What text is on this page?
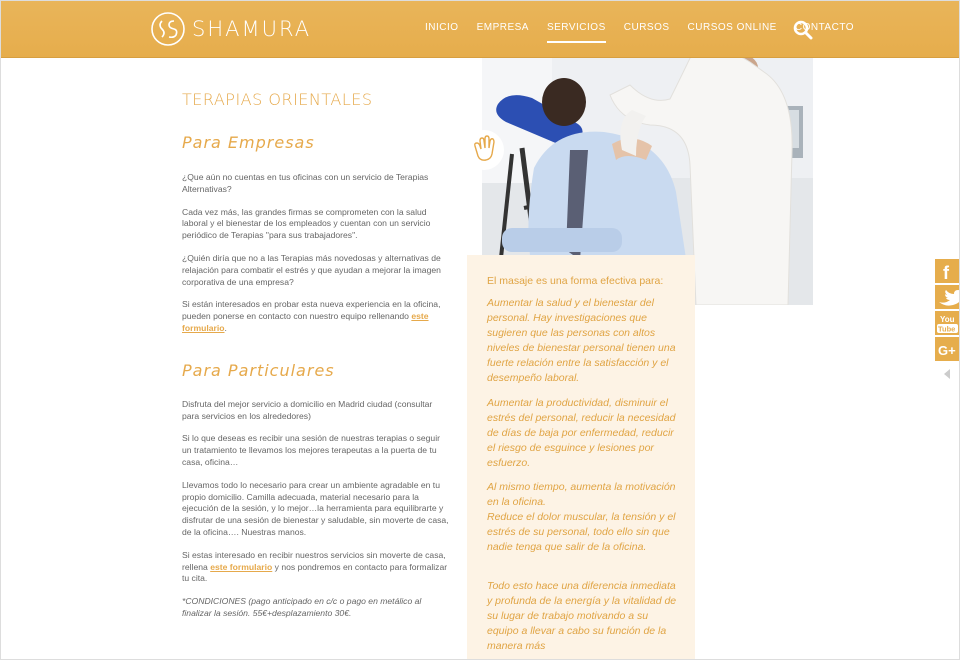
SHAMURA	INICIO EMPRESA SERVICIOS CURSOS CURSOS ONLINE CONTACTO
TERAPIAS ORIENTALES
Para Empresas

¿Que aún no cuentas en tus oficinas con un servicio de Terapias Alternativas?

Cada vez más, las grandes firmas se comprometen con la salud laboral y el bienestar de los empleados y cuentan con un servicio periódico de Terapias "para sus trabajadores".

¿Quién diría que no a las Terapias más novedosas y alternativas de relajación para combatir el estrés y que ayudan a mejorar la imagen corporativa de una empresa?

Si están interesados en probar esta nueva experiencia en la oficina, pueden ponerse en contacto con nuestro equipo rellenando este formulario.

Para Particulares

Disfruta del mejor servicio a domicilio en Madrid ciudad (consultar para servicios en los alrededores)

Si lo que deseas es recibir una sesión de nuestras terapias o seguir un tratamiento te llevamos los mejores terapeutas a la puerta de tu casa, oficina…

Llevamos todo lo necesario para crear un ambiente agradable en tu propio domicilio. Camilla adecuada, material necesario para la ejecución de la sesión, y lo mejor…la herramienta para equilibrarte y disfrutar de una sesión de bienestar y saludable, sin moverte de casa, de la oficina…. Nuestras manos.

Si estas interesado en recibir nuestros servicios sin moverte de casa, rellena este formulario y nos pondremos en contacto para formalizar tu cita.

*CONDICIONES (pago anticipado en c/c o pago en metálico al finalizar la sesión. 55€+desplazamiento 30€.

El masaje es una forma efectiva para:
Aumentar la salud y el bienestar del personal. Hay investigaciones que sugieren que las personas con altos niveles de bienestar personal tienen una fuerte relación entre la satisfacción y el desempeño laboral.
Aumentar la productividad, disminuir el estrés del personal, reducir la necesidad de días de baja por enfermedad, reducir el riesgo de esguince y lesiones por esfuerzo.
Al mismo tiempo, aumenta la motivación en la oficina.
Reduce el dolor muscular, la tensión y el estrés de su personal, todo ello sin que nadie tenga que salir de la oficina.
Todo esto hace una diferencia inmediata y profunda de la energía y la vitalidad de su lugar de trabajo motivando a su equipo a llevar a cabo su función de la manera más
f
You
Tube
G+
